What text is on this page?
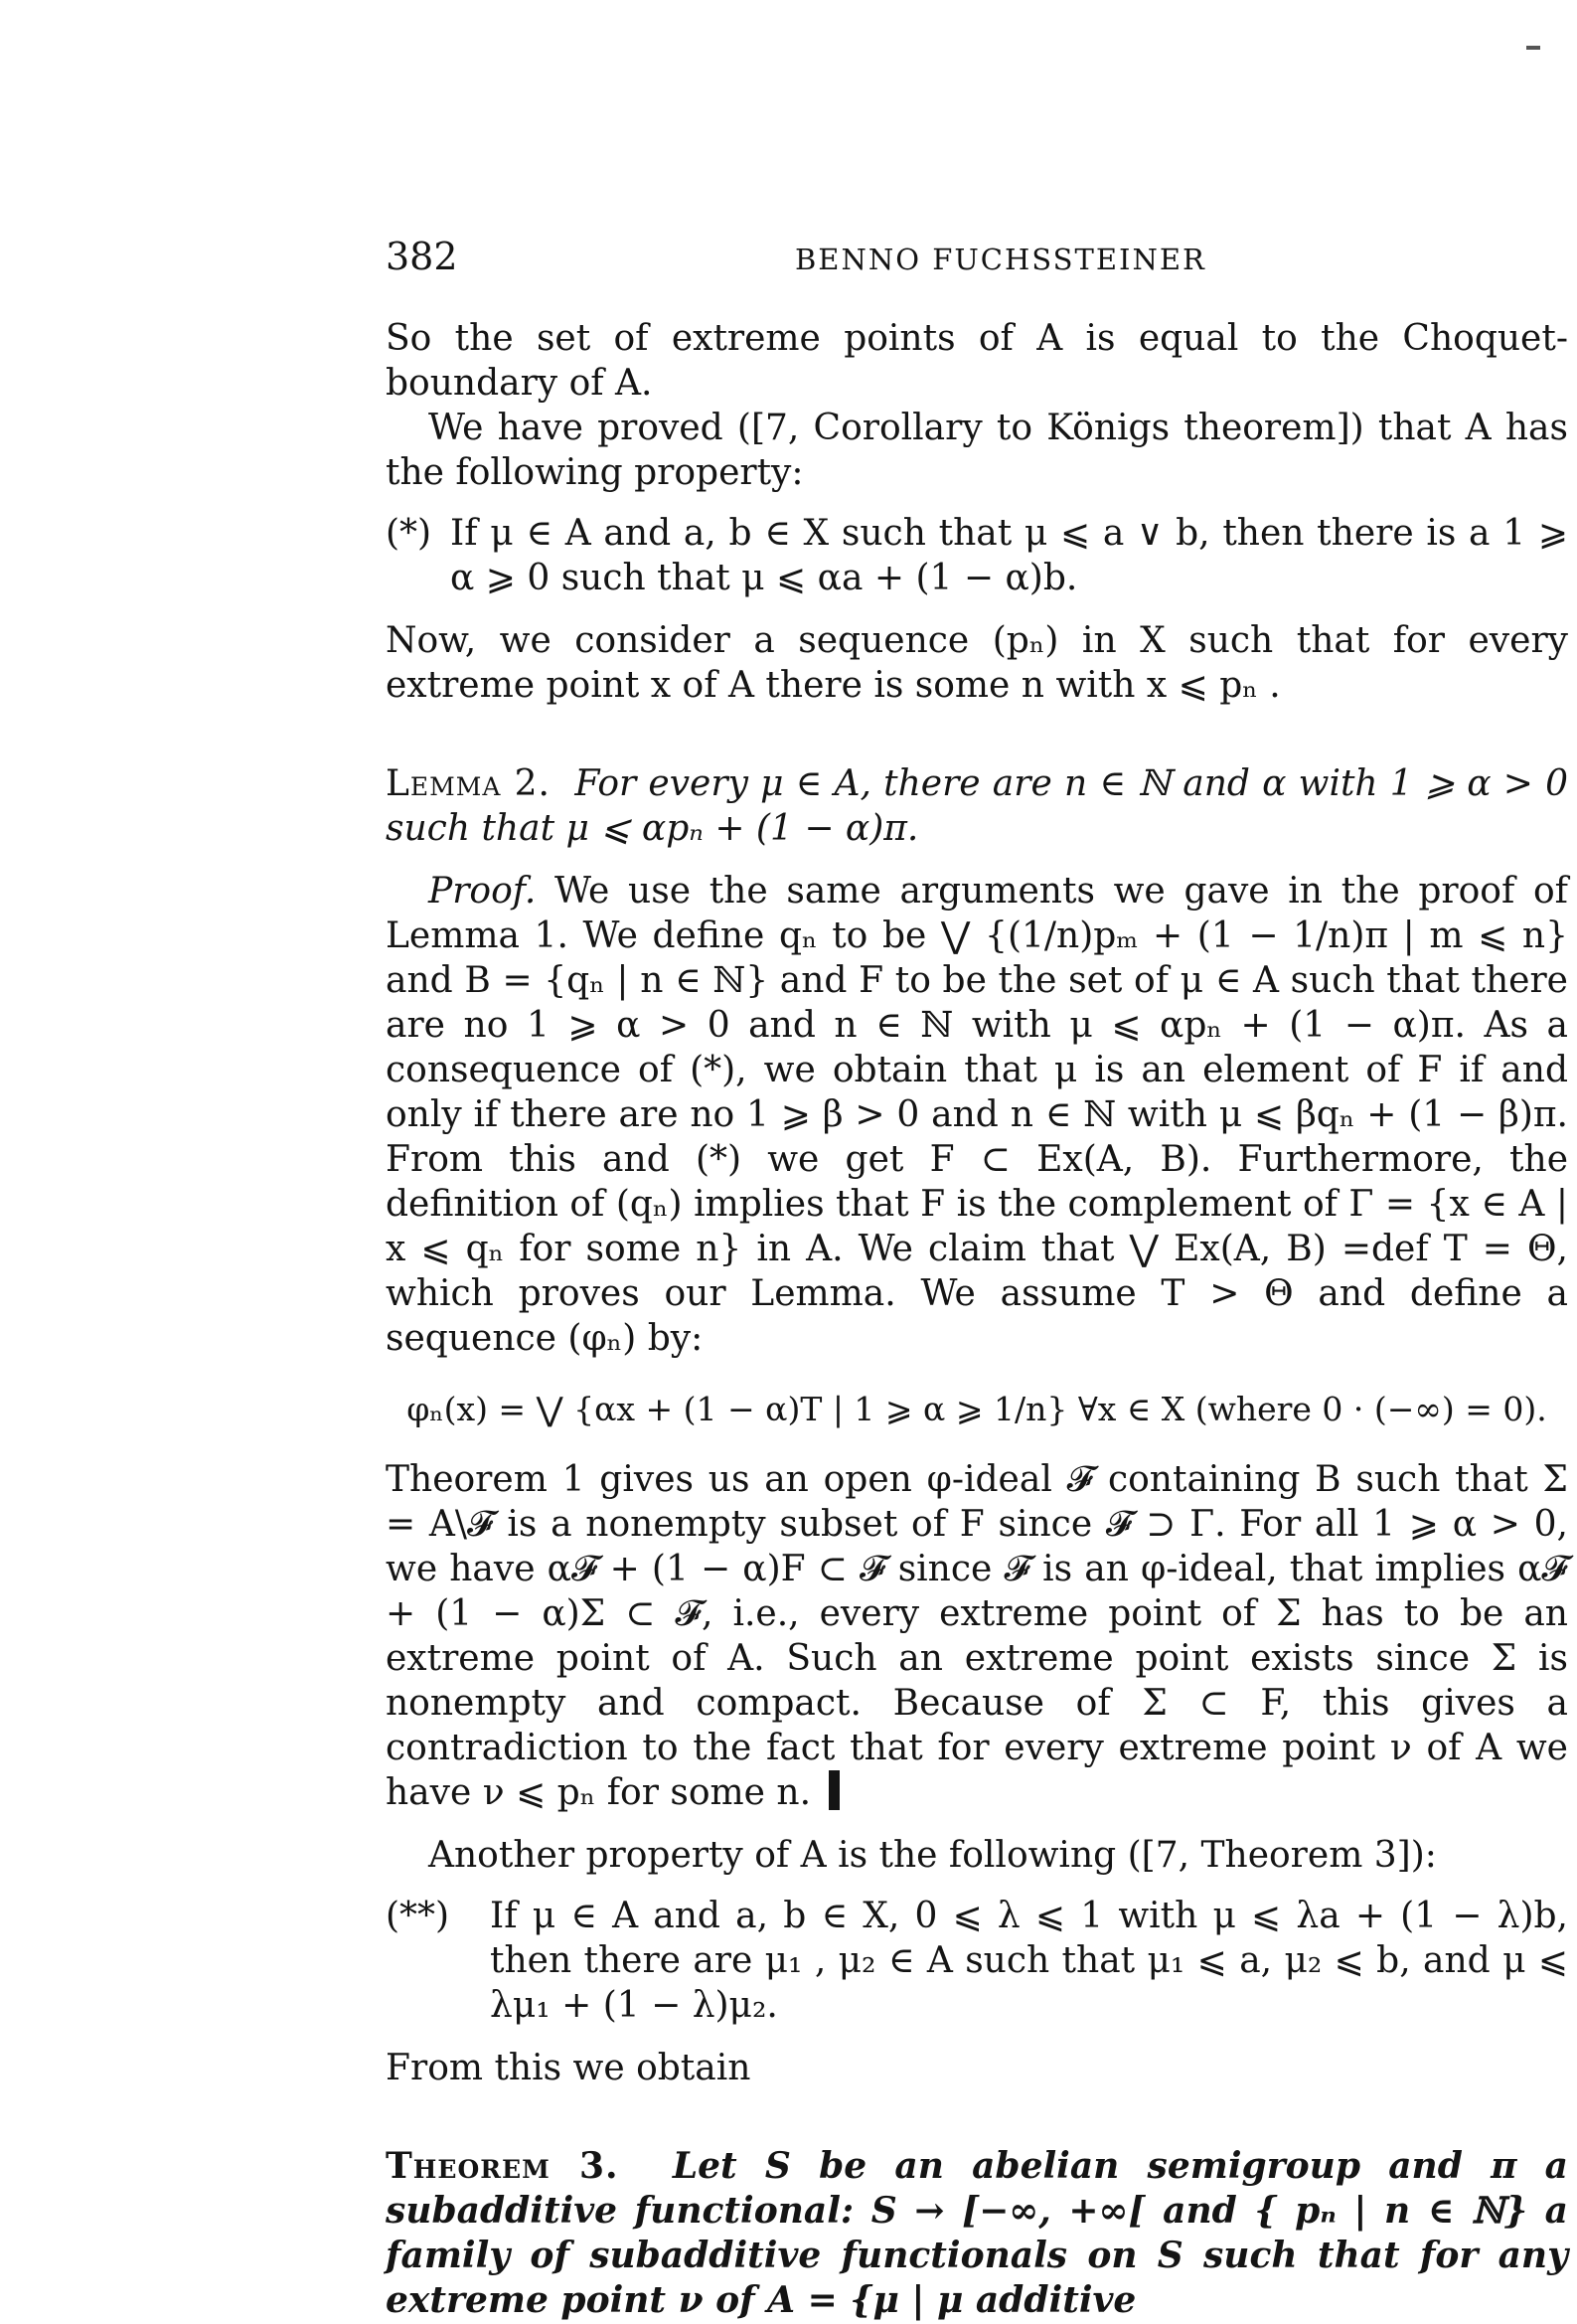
382	BENNO FUCHSSTEINER

So the set of extreme points of A is equal to the Choquet-boundary of A.

We have proved ([7, Corollary to Königs theorem]) that A has the following property:

(*) If μ ∈ A and a, b ∈ X such that μ ⩽ a ∨ b, then there is a 1 ⩾ α ⩾ 0 such that μ ⩽ αa + (1 − α)b.

Now, we consider a sequence (pₙ) in X such that for every extreme point x of A there is some n with x ⩽ pₙ .

Lemma 2. For every μ ∈ A, there are n ∈ ℕ and α with 1 ⩾ α > 0 such that μ ⩽ αpₙ + (1 − α)π.

Proof. We use the same arguments we gave in the proof of Lemma 1. We define qₙ to be ⋁ {(1/n)pₘ + (1 − 1/n)π | m ⩽ n} and B = {qₙ | n ∈ ℕ} and F to be the set of μ ∈ A such that there are no 1 ⩾ α > 0 and n ∈ ℕ with μ ⩽ αpₙ + (1 − α)π. As a consequence of (*), we obtain that μ is an element of F if and only if there are no 1 ⩾ β > 0 and n ∈ ℕ with μ ⩽ βqₙ + (1 − β)π. From this and (*) we get F ⊂ Ex(A, B). Furthermore, the definition of (qₙ) implies that F is the complement of Γ = {x ∈ A | x ⩽ qₙ for some n} in A. We claim that ⋁ Ex(A, B) =def T = Θ, which proves our Lemma. We assume T > Θ and define a sequence (φₙ) by:

φₙ(x) = ⋁ {αx + (1 − α)T | 1 ⩾ α ⩾ 1/n} ∀x ∈ X (where 0 · (−∞) = 0).

Theorem 1 gives us an open φ-ideal 𝓕 containing B such that Σ = A\𝓕 is a nonempty subset of F since 𝓕 ⊃ Γ. For all 1 ⩾ α > 0, we have α𝓕 + (1 − α)F ⊂ 𝓕 since 𝓕 is an φ-ideal, that implies α𝓕 + (1 − α)Σ ⊂ 𝓕, i.e., every extreme point of Σ has to be an extreme point of A. Such an extreme point exists since Σ is nonempty and compact. Because of Σ ⊂ F, this gives a contradiction to the fact that for every extreme point ν of A we have ν ⩽ pₙ for some n.

Another property of A is the following ([7, Theorem 3]):

(**)	If μ ∈ A and a, b ∈ X, 0 ⩽ λ ⩽ 1 with μ ⩽ λa + (1 − λ)b, then there are μ₁ , μ₂ ∈ A such that μ₁ ⩽ a, μ₂ ⩽ b, and μ ⩽ λμ₁ + (1 − λ)μ₂.

From this we obtain

Theorem 3. Let S be an abelian semigroup and π a subadditive functional: S → [−∞, +∞[ and { pₙ | n ∈ ℕ} a family of subadditive functionals on S such that for any extreme point ν of A = {μ | μ additive
